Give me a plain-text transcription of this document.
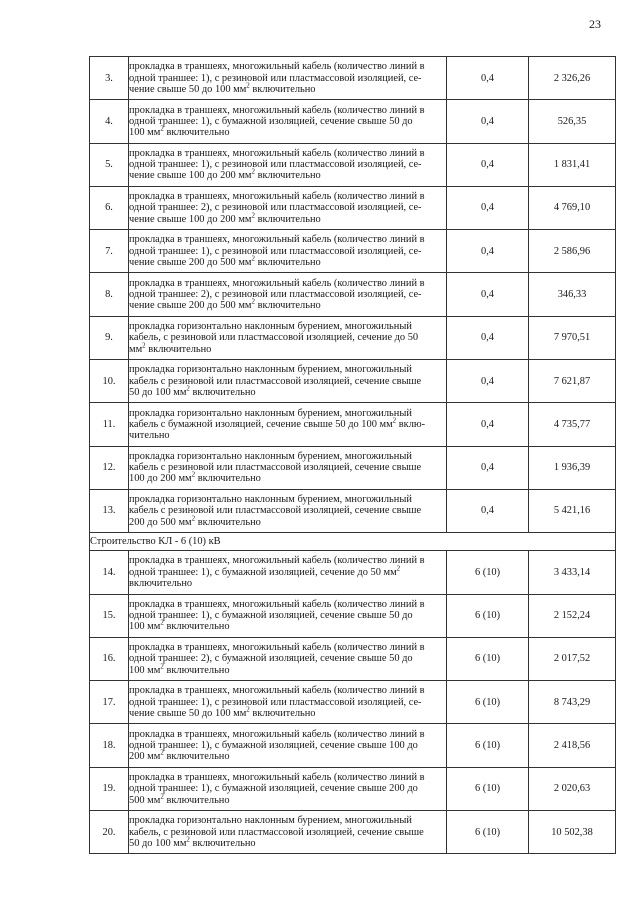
23
3.	прокладка в траншеях, многожильный кабель (количество линий в
одной траншее: 1), с резиновой или пластмассовой изоляцией, се-
чение свыше 50 до 100 $мм^2$ включительно	0,4	2 326,26
4.	прокладка в траншеях, многожильный кабель (количество линий в
одной траншее: 1), с бумажной изоляцией, сечение свыше 50 до
100 $мм^2$ включительно	0,4	526,35
5.	прокладка в траншеях, многожильный кабель (количество линий в
одной траншее: 1), с резиновой или пластмассовой изоляцией, се-
чение свыше 100 до 200 $мм^2$ включительно	0,4	1 831,41
6.	прокладка в траншеях, многожильный кабель (количество линий в
одной траншее: 2), с резиновой или пластмассовой изоляцией, се-
чение свыше 100 до 200 $мм^2$ включительно	0,4	4 769,10
7.	прокладка в траншеях, многожильный кабель (количество линий в
одной траншее: 1), с резиновой или пластмассовой изоляцией, се-
чение свыше 200 до 500 $мм^2$ включительно	0,4	2 586,96
8.	прокладка в траншеях, многожильный кабель (количество линий в
одной траншее: 2), с резиновой или пластмассовой изоляцией, се-
чение свыше 200 до 500 $мм^2$ включительно	0,4	346,33
9.	прокладка горизонтально наклонным бурением, многожильный
кабель, с резиновой или пластмассовой изоляцией, сечение до 50
$мм^2$ включительно	0,4	7 970,51
10.	прокладка горизонтально наклонным бурением, многожильный
кабель с резиновой или пластмассовой изоляцией, сечение свыше
50 до 100 $мм^2$ включительно	0,4	7 621,87
11.	прокладка горизонтально наклонным бурением, многожильный
кабель с бумажной изоляцией, сечение свыше 50 до 100 $мм^2$ вклю-
чительно	0,4	4 735,77
12.	прокладка горизонтально наклонным бурением, многожильный
кабель с резиновой или пластмассовой изоляцией, сечение свыше
100 до 200 $мм^2$ включительно	0,4	1 936,39
13.	прокладка горизонтально наклонным бурением, многожильный
кабель с резиновой или пластмассовой изоляцией, сечение свыше
200 до 500 $мм^2$ включительно	0,4	5 421,16
Строительство КЛ - 6 (10) кВ			
14.	прокладка в траншеях, многожильный кабель (количество линий в
одной траншее: 1), с бумажной изоляцией, сечение до 50 $мм^2$
включительно	6 (10)	3 433,14
15.	прокладка в траншеях, многожильный кабель (количество линий в
одной траншее: 1), с бумажной изоляцией, сечение свыше 50 до
100 $мм^2$ включительно	6 (10)	2 152,24
16.	прокладка в траншеях, многожильный кабель (количество линий в
одной траншее: 2), с бумажной изоляцией, сечение свыше 50 до
100 $мм^2$ включительно	6 (10)	2 017,52
17.	прокладка в траншеях, многожильный кабель (количество линий в
одной траншее: 1), с резиновой или пластмассовой изоляцией, се-
чение свыше 50 до 100 $мм^2$ включительно	6 (10)	8 743,29
18.	прокладка в траншеях, многожильный кабель (количество линий в
одной траншее: 1), с бумажной изоляцией, сечение свыше 100 до
200 $мм^2$ включительно	6 (10)	2 418,56
19.	прокладка в траншеях, многожильный кабель (количество линий в
одной траншее: 1), с бумажной изоляцией, сечение свыше 200 до
500 $мм^2$ включительно	6 (10)	2 020,63
20.	прокладка горизонтально наклонным бурением, многожильный
кабель, с резиновой или пластмассовой изоляцией, сечение свыше
50 до 100 $мм^2$ включительно	6 (10)	10 502,38
